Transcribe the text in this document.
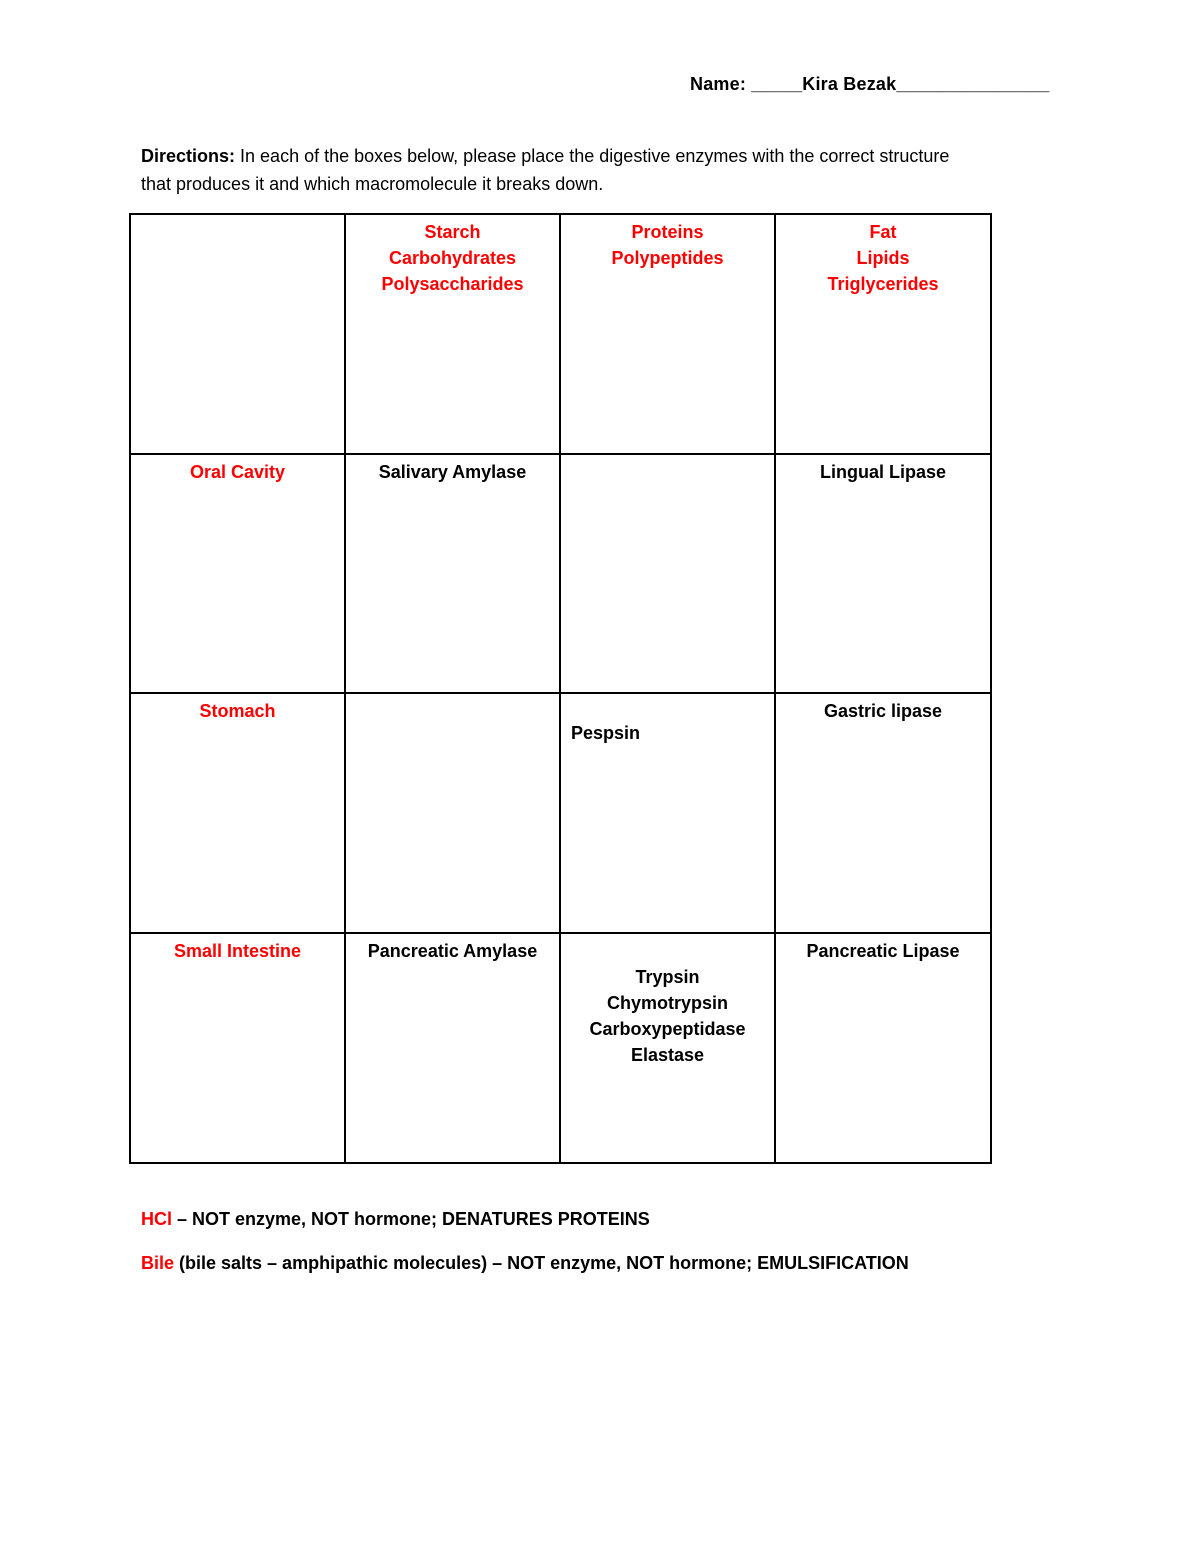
Name: _____Kira Bezak_______________
Directions: In each of the boxes below, please place the digestive enzymes with the correct structure
that produces it and which macromolecule it breaks down.

	Starch
Carbohydrates
Polysaccharides	Proteins
Polypeptides	Fat
Lipids
Triglycerides

Oral Cavity	Salivary Amylase		Lingual Lipase

Stomach		Pespsin	Gastric lipase

Small Intestine	Pancreatic Amylase	Trypsin
Chymotrypsin
Carboxypeptidase
Elastase	Pancreatic Lipase
HCl – NOT enzyme, NOT hormone; DENATURES PROTEINS
Bile (bile salts – amphipathic molecules) – NOT enzyme, NOT hormone; EMULSIFICATION
